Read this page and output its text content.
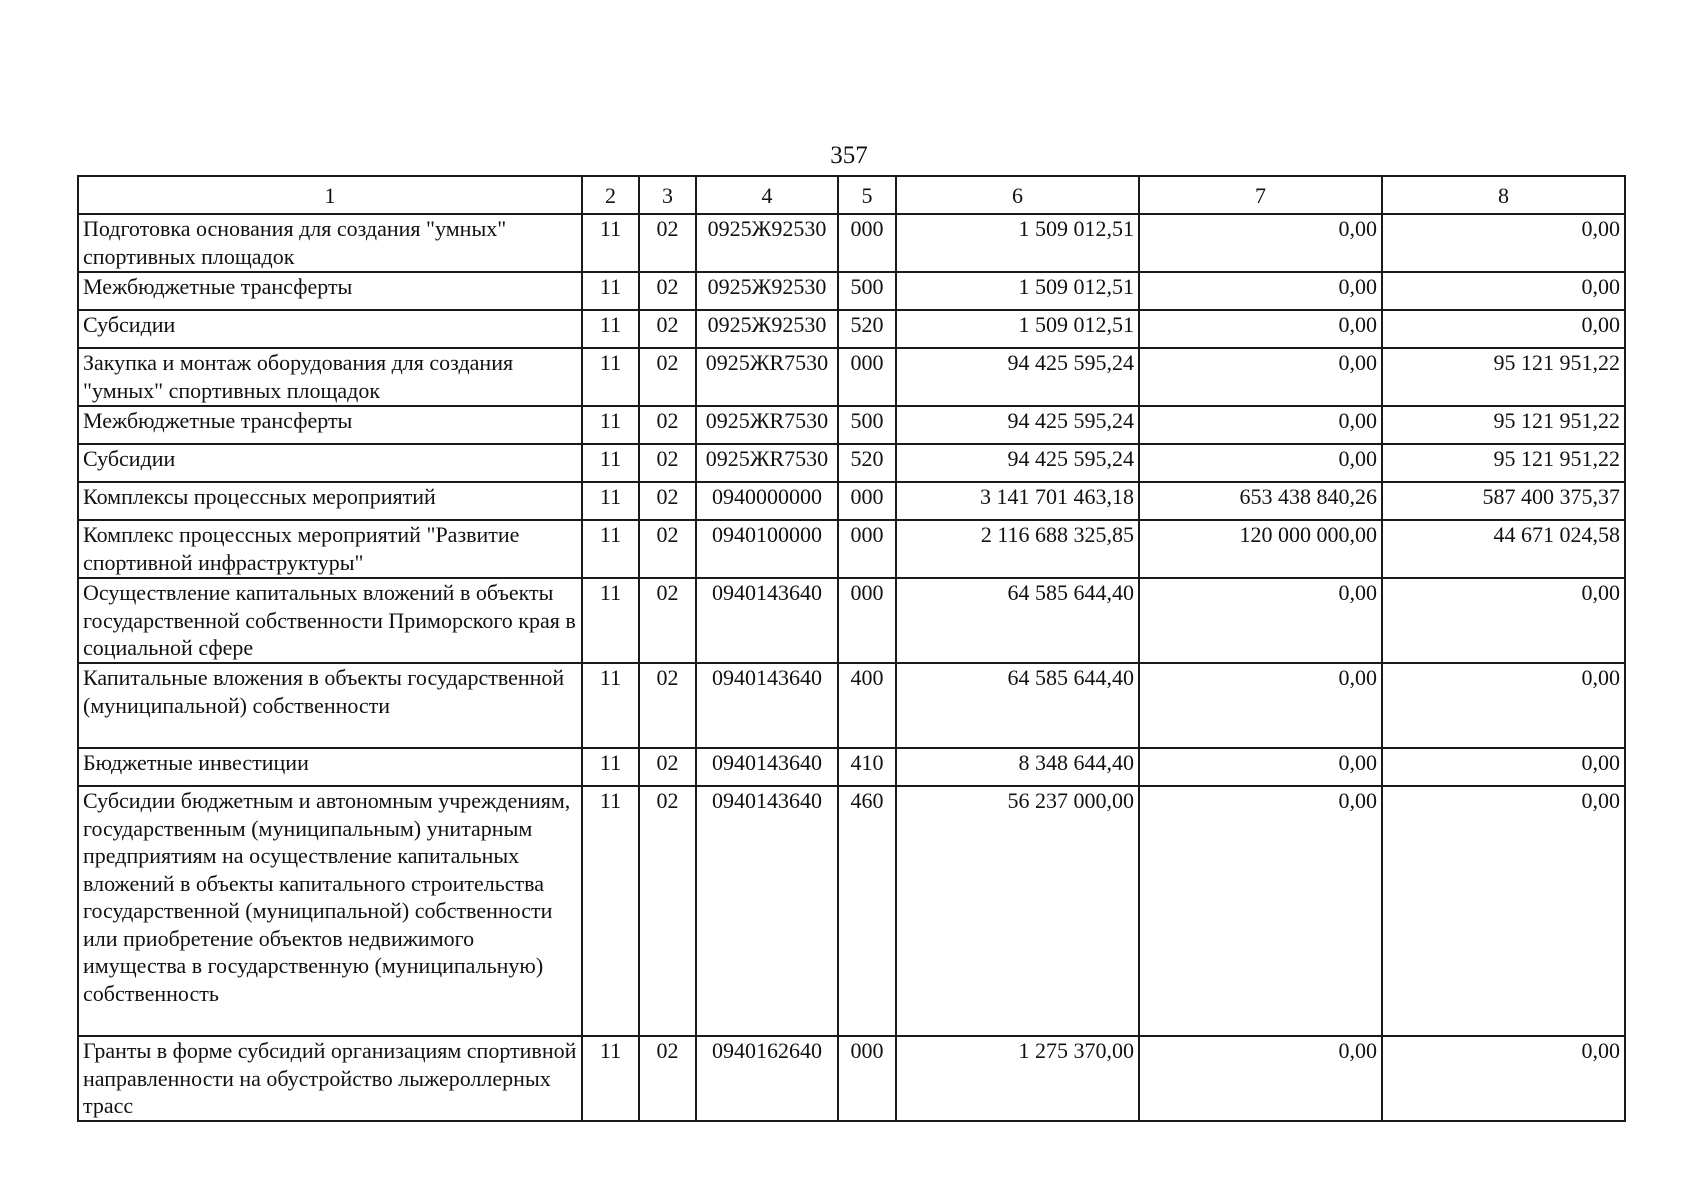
357
1	2	3	4	5	6	7	8
Подготовка основания для создания "умных" спортивных площадок	11	02	0925Ж92530	000	1 509 012,51	0,00	0,00
Межбюджетные трансферты	11	02	0925Ж92530	500	1 509 012,51	0,00	0,00
Субсидии	11	02	0925Ж92530	520	1 509 012,51	0,00	0,00
Закупка и монтаж оборудования для создания "умных" спортивных площадок	11	02	0925ЖR7530	000	94 425 595,24	0,00	95 121 951,22
Межбюджетные трансферты	11	02	0925ЖR7530	500	94 425 595,24	0,00	95 121 951,22
Субсидии	11	02	0925ЖR7530	520	94 425 595,24	0,00	95 121 951,22
Комплексы процессных мероприятий	11	02	0940000000	000	3 141 701 463,18	653 438 840,26	587 400 375,37
Комплекс процессных мероприятий "Развитие спортивной инфраструктуры"	11	02	0940100000	000	2 116 688 325,85	120 000 000,00	44 671 024,58
Осуществление капитальных вложений в объекты государственной собственности Приморского края в социальной сфере	11	02	0940143640	000	64 585 644,40	0,00	0,00
Капитальные вложения в объекты государственной (муниципальной) собственности	11	02	0940143640	400	64 585 644,40	0,00	0,00
Бюджетные инвестиции	11	02	0940143640	410	8 348 644,40	0,00	0,00
Субсидии бюджетным и автономным учреждениям, государственным (муниципальным) унитарным предприятиям на осуществление капитальных вложений в объекты капитального строительства государственной (муниципальной) собственности или приобретение объектов недвижимого имущества в государственную (муниципальную) собственность	11	02	0940143640	460	56 237 000,00	0,00	0,00
Гранты в форме субсидий организациям спортивной направленности на обустройство лыжероллерных трасс	11	02	0940162640	000	1 275 370,00	0,00	0,00
